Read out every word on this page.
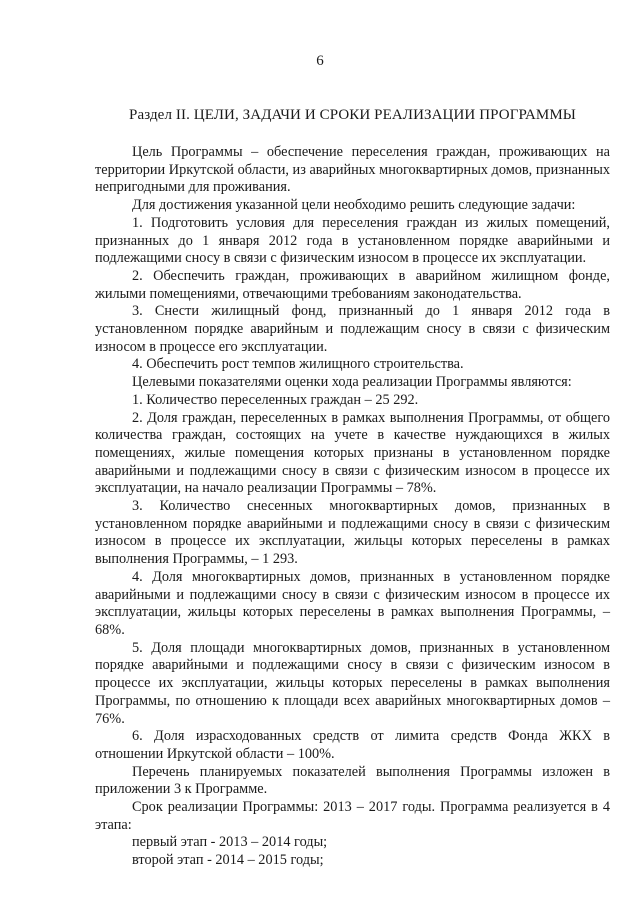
6
Раздел II. ЦЕЛИ, ЗАДАЧИ И СРОКИ РЕАЛИЗАЦИИ ПРОГРАММЫ

Цель Программы – обеспечение переселения граждан, проживающих на территории Иркутской области, из аварийных многоквартирных домов, признанных непригодными для проживания.

Для достижения указанной цели необходимо решить следующие задачи:

1. Подготовить условия для переселения граждан из жилых помещений, признанных до 1 января 2012 года в установленном порядке аварийными и подлежащими сносу в связи с физическим износом в процессе их эксплуатации.

2. Обеспечить граждан, проживающих в аварийном жилищном фонде, жилыми помещениями, отвечающими требованиям законодательства.

3. Снести жилищный фонд, признанный до 1 января 2012 года в установленном порядке аварийным и подлежащим сносу в связи с физическим износом в процессе его эксплуатации.

4. Обеспечить рост темпов жилищного строительства.

Целевыми показателями оценки хода реализации Программы являются:

1. Количество переселенных граждан – 25 292.

2. Доля граждан, переселенных в рамках выполнения Программы, от общего количества граждан, состоящих на учете в качестве нуждающихся в жилых помещениях, жилые помещения которых признаны в установленном порядке аварийными и подлежащими сносу в связи с физическим износом в процессе их эксплуатации, на начало реализации Программы – 78%.

3. Количество снесенных многоквартирных домов, признанных в установленном порядке аварийными и подлежащими сносу в связи с физическим износом в процессе их эксплуатации, жильцы которых переселены в рамках выполнения Программы, – 1 293.

4. Доля многоквартирных домов, признанных в установленном порядке аварийными и подлежащими сносу в связи с физическим износом в процессе их эксплуатации, жильцы которых переселены в рамках выполнения Программы, – 68%.

5. Доля площади многоквартирных домов, признанных в установленном порядке аварийными и подлежащими сносу в связи с физическим износом в процессе их эксплуатации, жильцы которых переселены в рамках выполнения Программы, по отношению к площади всех аварийных многоквартирных домов – 76%.

6. Доля израсходованных средств от лимита средств Фонда ЖКХ в отношении Иркутской области – 100%.

Перечень планируемых показателей выполнения Программы изложен в приложении 3 к Программе.

Срок реализации Программы: 2013 – 2017 годы. Программа реализуется в 4 этапа:

первый этап - 2013 – 2014 годы;

второй этап - 2014 – 2015 годы;
